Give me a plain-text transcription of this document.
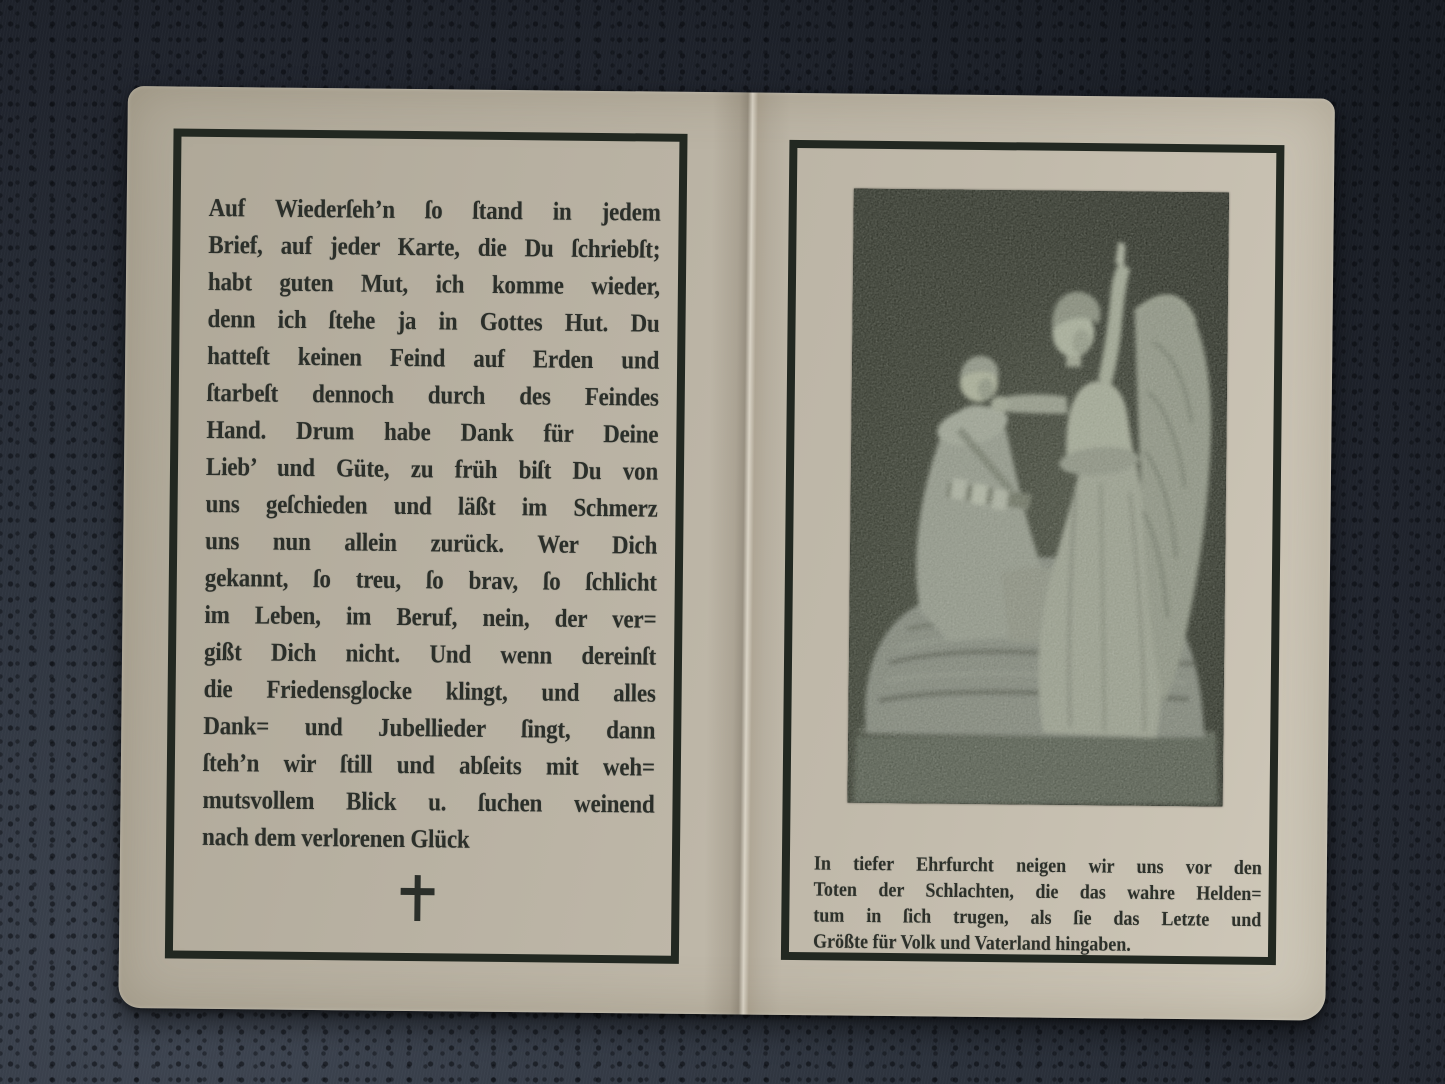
Auf Wiederſeh’n ſo ſtand in jedem
Brief, auf jeder Karte, die Du ſchriebſt;
habt guten Mut, ich komme wieder,
denn ich ſtehe ja in Gottes Hut. Du
hatteſt keinen Feind auf Erden und
ſtarbeſt dennoch durch des Feindes
Hand. Drum habe Dank für Deine
Lieb’ und Güte, zu früh biſt Du von
uns geſchieden und läßt im Schmerz
uns nun allein zurück. Wer Dich
gekannt, ſo treu, ſo brav, ſo ſchlicht
im Leben, im Beruf, nein, der ver=
gißt Dich nicht. Und wenn dereinſt
die Friedensglocke klingt, und alles
Dank= und Jubellieder ſingt, dann
ſteh’n wir ſtill und abſeits mit weh=
mutsvollem Blick u. ſuchen weinend
nach dem verlorenen Glück
In tiefer Ehrfurcht neigen wir uns vor den
Toten der Schlachten, die das wahre Helden=
tum in ſich trugen, als ſie das Letzte und
Größte für Volk und Vaterland hingaben.
